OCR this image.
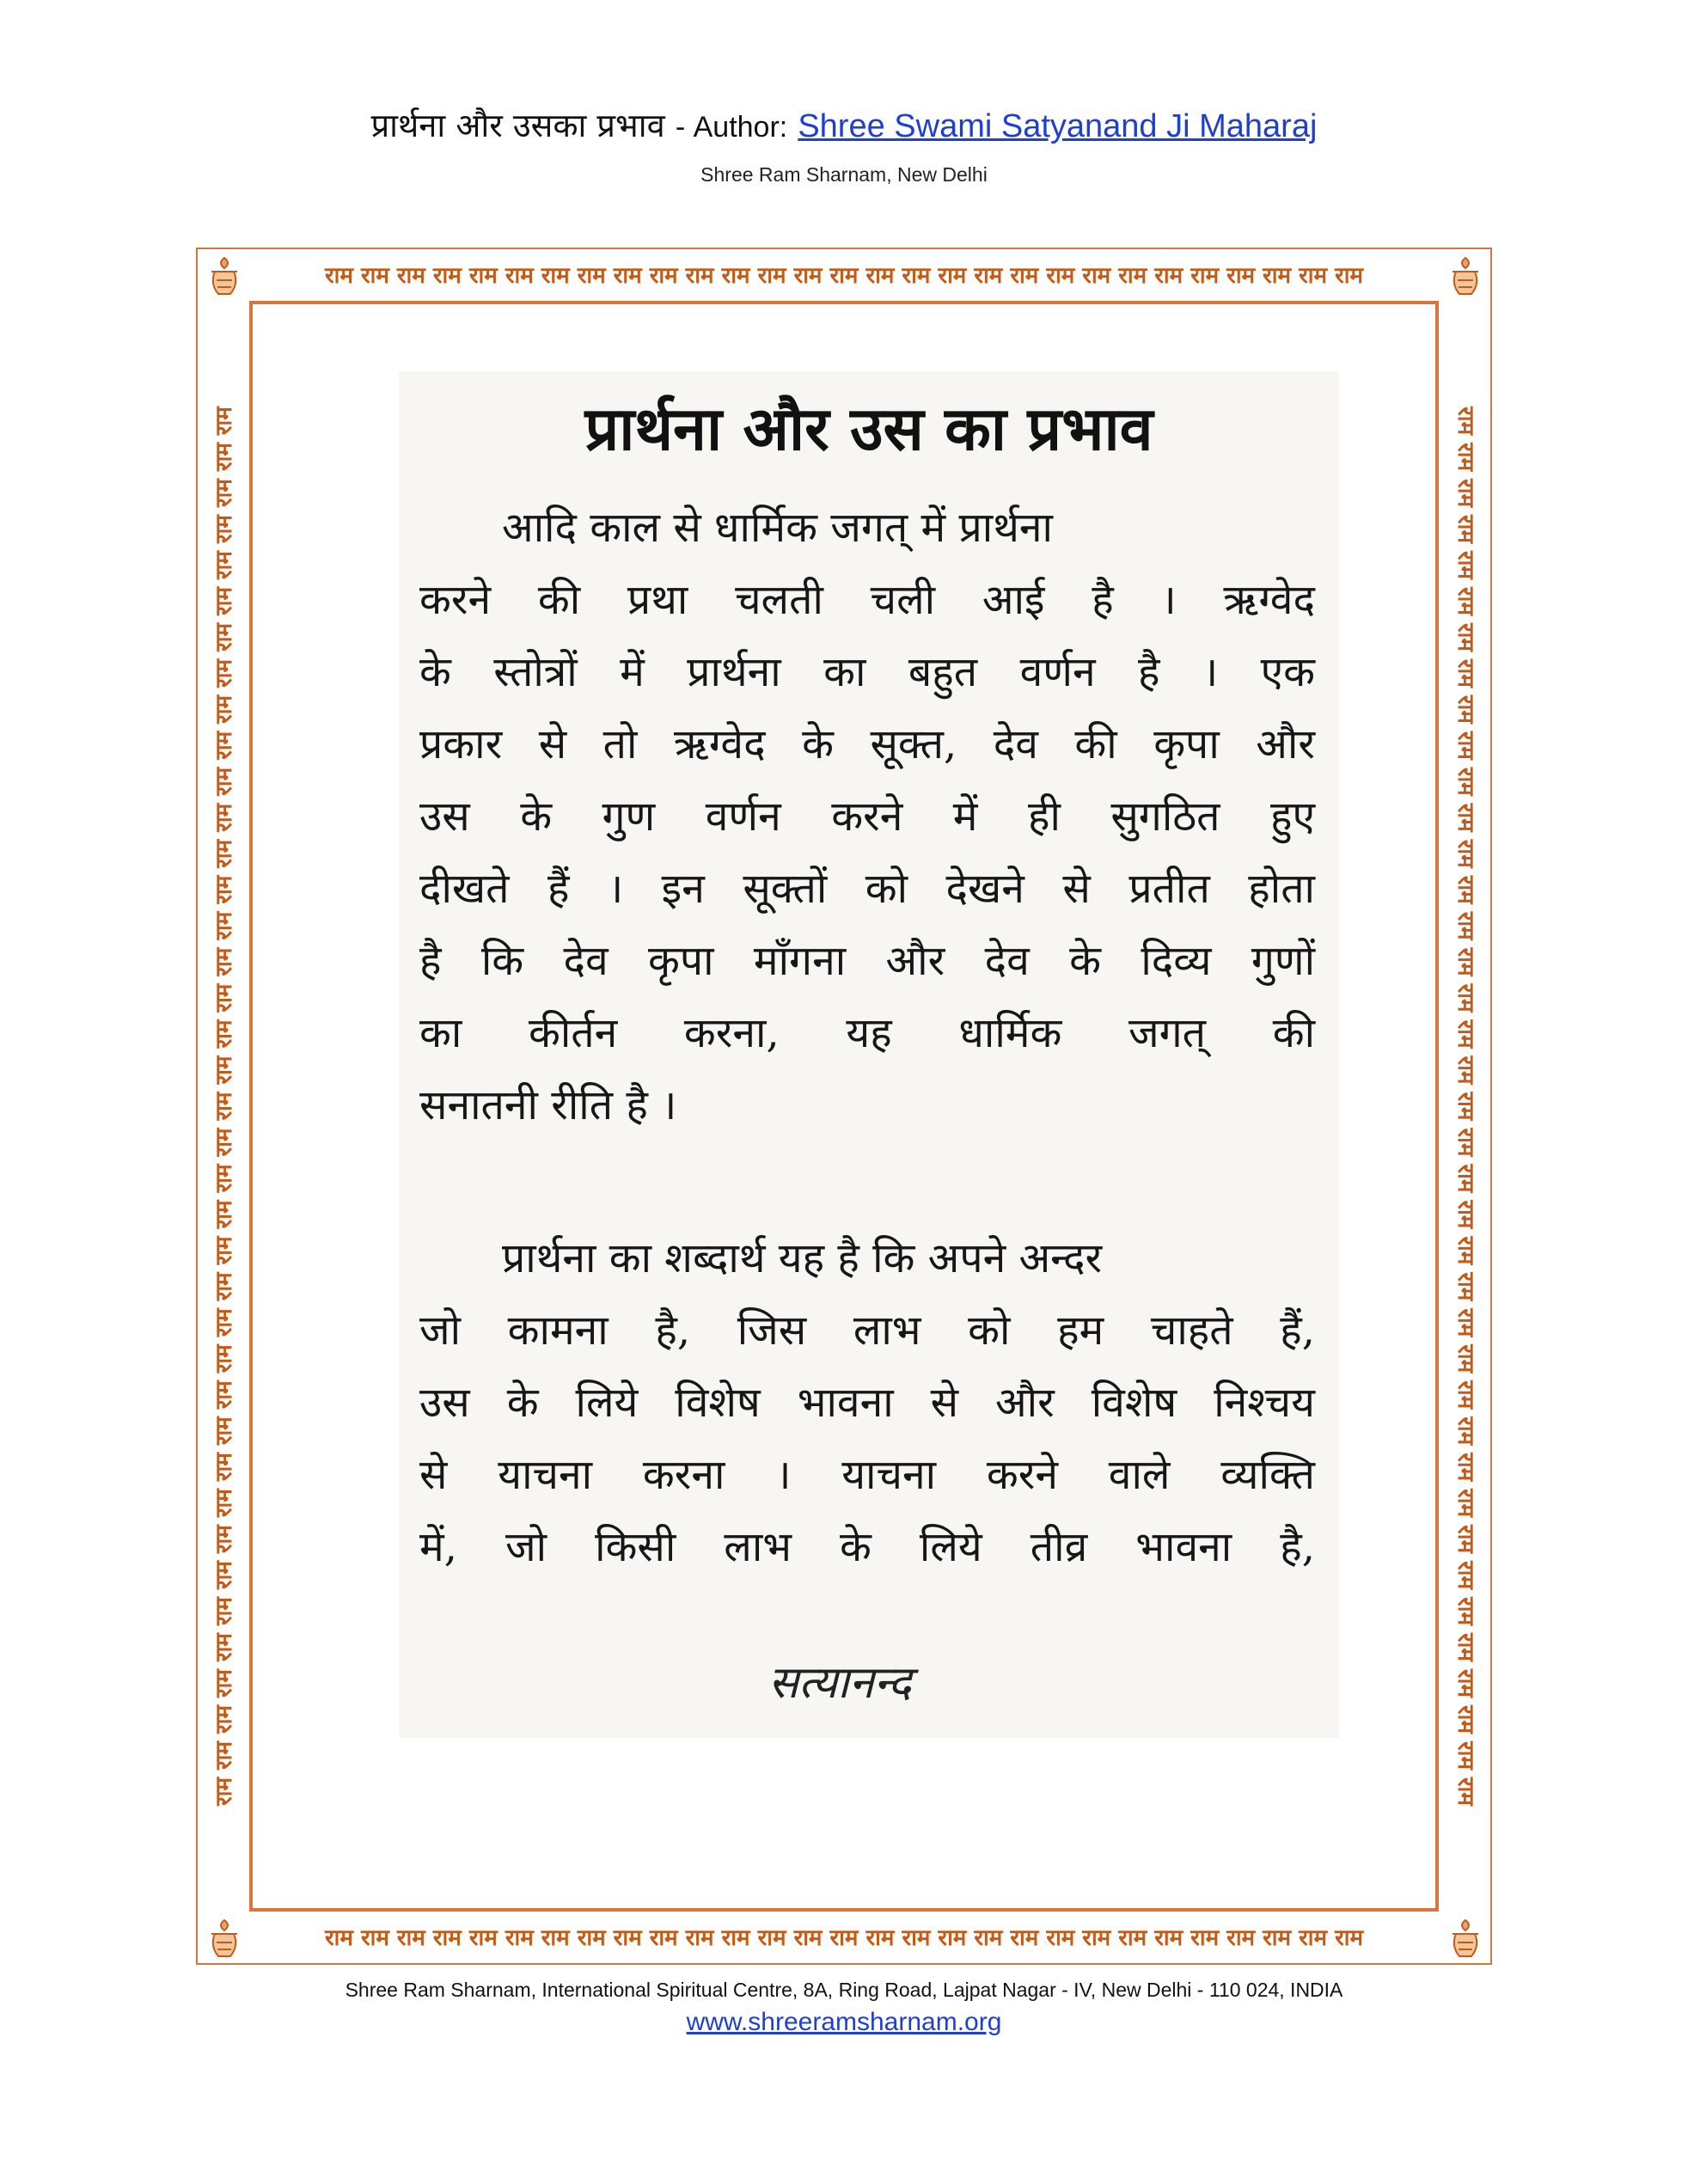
प्रार्थना और उसका प्रभाव - Author: Shree Swami Satyanand Ji Maharaj
Shree Ram Sharnam, New Delhi
राम राम राम राम राम राम राम राम राम राम राम राम राम राम राम राम राम राम राम राम राम राम राम राम राम राम राम राम राम
राम राम राम राम राम राम राम राम राम राम राम राम राम राम राम राम राम राम राम राम राम राम राम राम राम राम राम राम राम
राम राम राम राम राम राम राम राम राम राम राम राम राम राम राम राम राम राम राम राम राम राम राम राम राम राम राम राम राम राम राम राम राम राम राम राम राम राम राम	राम राम राम राम राम राम राम राम राम राम राम राम राम राम राम राम राम राम राम राम राम राम राम राम राम राम राम राम राम राम राम राम राम राम राम राम राम राम राम
प्रार्थना और उस का प्रभाव
आदि काल से धार्मिक जगत् में प्रार्थना
करने की प्रथा चलती चली आई है । ऋग्वेद
के स्तोत्रों में प्रार्थना का बहुत वर्णन है । एक
प्रकार से तो ऋग्वेद के सूक्त, देव की कृपा और
उस के गुण वर्णन करने में ही सुगठित हुए
दीखते हैं । इन सूक्तों को देखने से प्रतीत होता
है कि देव कृपा माँगना और देव के दिव्य गुणों
का कीर्तन करना, यह धार्मिक जगत् की
सनातनी रीति है ।
प्रार्थना का शब्दार्थ यह है कि अपने अन्दर
जो कामना है, जिस लाभ को हम चाहते हैं,
उस के लिये विशेष भावना से और विशेष निश्चय
से याचना करना । याचना करने वाले व्यक्ति
में, जो किसी लाभ के लिये तीव्र भावना है,
सत्यानन्द
Shree Ram Sharnam, International Spiritual Centre, 8A, Ring Road, Lajpat Nagar - IV, New Delhi - 110 024, INDIA
www.shreeramsharnam.org
